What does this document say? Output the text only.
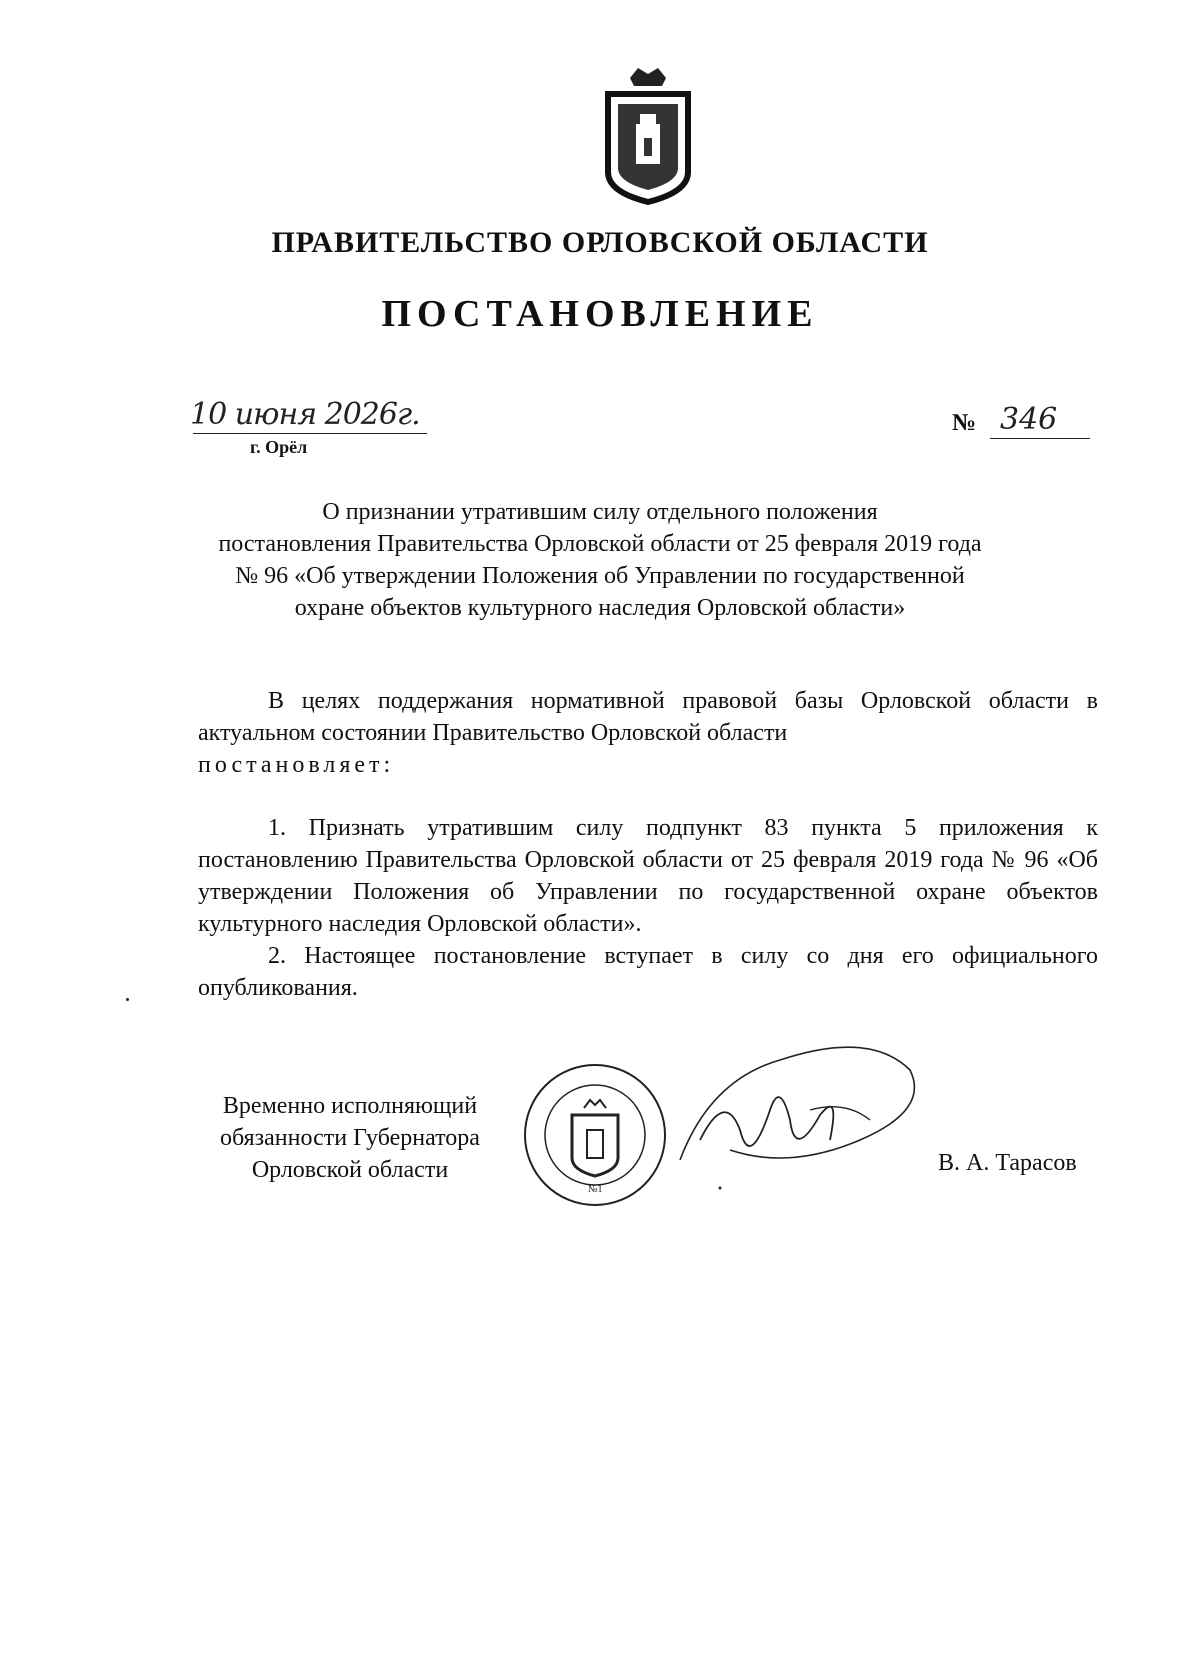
ПРАВИТЕЛЬСТВО ОРЛОВСКОЙ ОБЛАСТИ
ПОСТАНОВЛЕНИЕ
10 июня 2026г.
г. Орёл
№ 346
О признании утратившим силу отдельного положения
постановления Правительства Орловской области от 25 февраля 2019 года
№ 96 «Об утверждении Положения об Управлении по государственной
охране объектов культурного наследия Орловской области»
В целях поддержания нормативной правовой базы Орловской области в актуальном состоянии Правительство Орловской области
постановляет:
1. Признать утратившим силу подпункт 83 пункта 5 приложения к постановлению Правительства Орловской области от 25 февраля 2019 года № 96 «Об утверждении Положения об Управлении по государственной охране объектов культурного наследия Орловской области».
2. Настоящее постановление вступает в силу со дня его официального опубликования.
Временно исполняющий
обязанности Губернатора
Орловской области
№1
В. А. Тарасов
